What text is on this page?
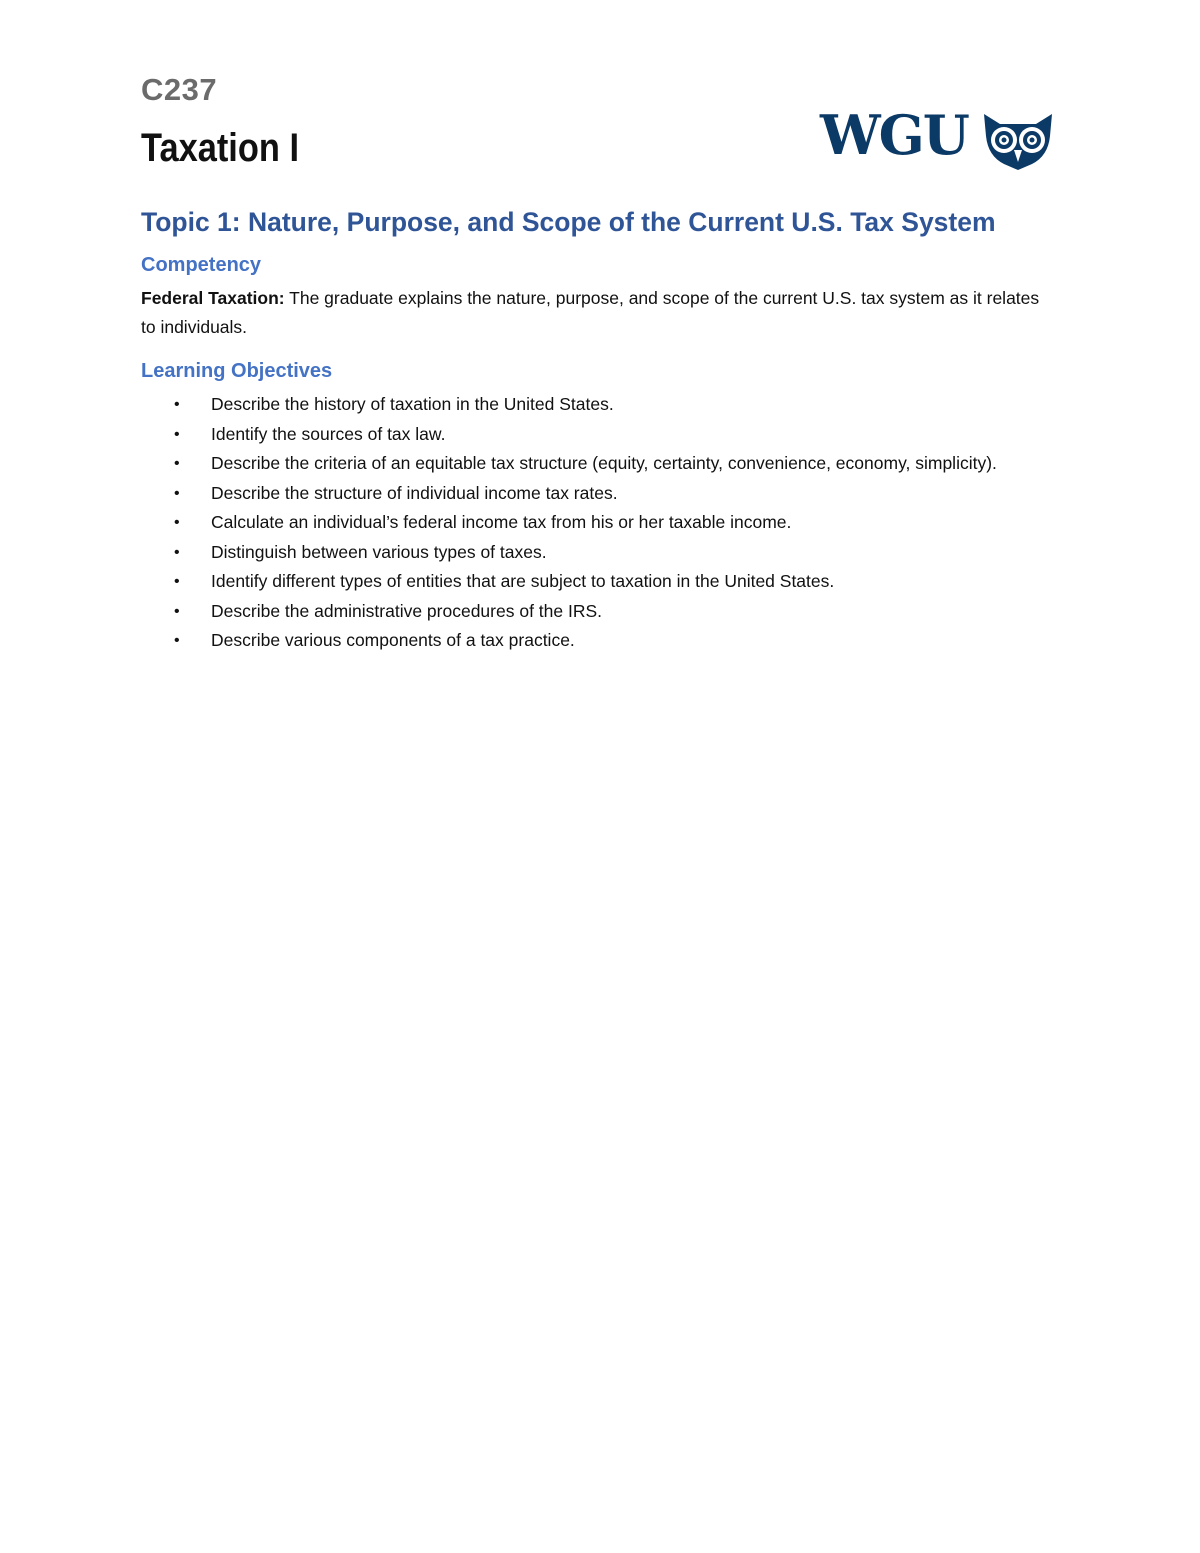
C237

Taxation I	WGU
Topic 1: Nature, Purpose, and Scope of the Current U.S. Tax System
Competency

Federal Taxation: The graduate explains the nature, purpose, and scope of the current U.S. tax system as it relates to individuals.

Learning Objectives
• Describe the history of taxation in the United States.
• Identify the sources of tax law.
• Describe the criteria of an equitable tax structure (equity, certainty, convenience, economy, simplicity).
• Describe the structure of individual income tax rates.
• Calculate an individual’s federal income tax from his or her taxable income.
• Distinguish between various types of taxes.
• Identify different types of entities that are subject to taxation in the United States.
• Describe the administrative procedures of the IRS.
• Describe various components of a tax practice.
